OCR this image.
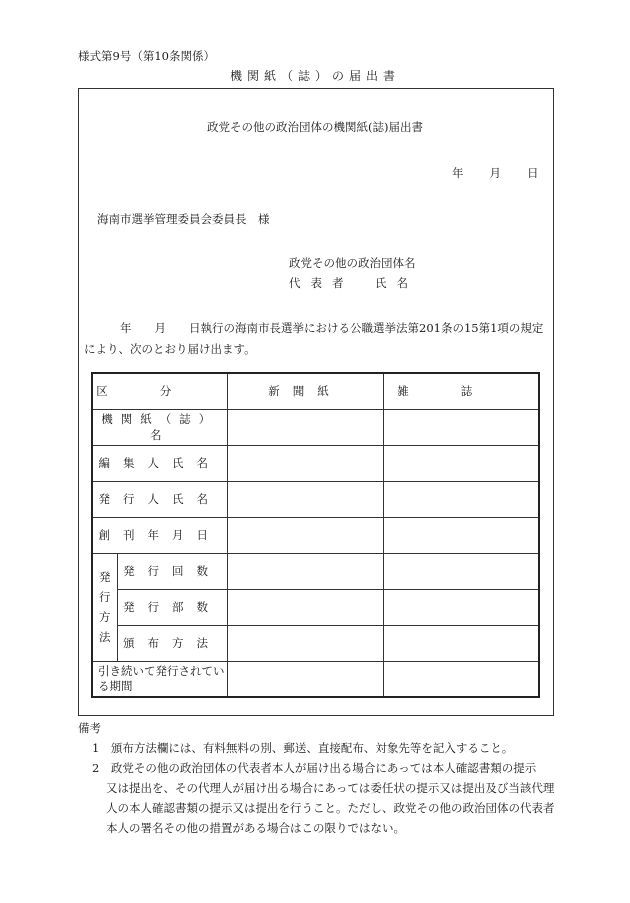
様式第9号（第10条関係）
機関紙（誌）の届出書
政党その他の政治団体の機関紙(誌)届出書
年 月 日
海南市選挙管理委員会委員長　様
政党その他の政治団体名
代表者　氏名
年　　月　　日執行の海南市長選挙における公職選挙法第201条の15第1項の規定
により、次のとおり届け出ます。
区分		新聞紙	雑誌
機関紙（誌）名			
編集人氏名			
発行人氏名			
創刊年月日			

発行方法	発行回数		
	発行部数		
	頒布方法		
引き続いて発行されている期間			
備考
1　頒布方法欄には、有料無料の別、郵送、直接配布、対象先等を記入すること。
2　政党その他の政治団体の代表者本人が届け出る場合にあっては本人確認書類の提示
又は提出を、その代理人が届け出る場合にあっては委任状の提示又は提出及び当該代理
人の本人確認書類の提示又は提出を行うこと。ただし、政党その他の政治団体の代表者
本人の署名その他の措置がある場合はこの限りではない。
